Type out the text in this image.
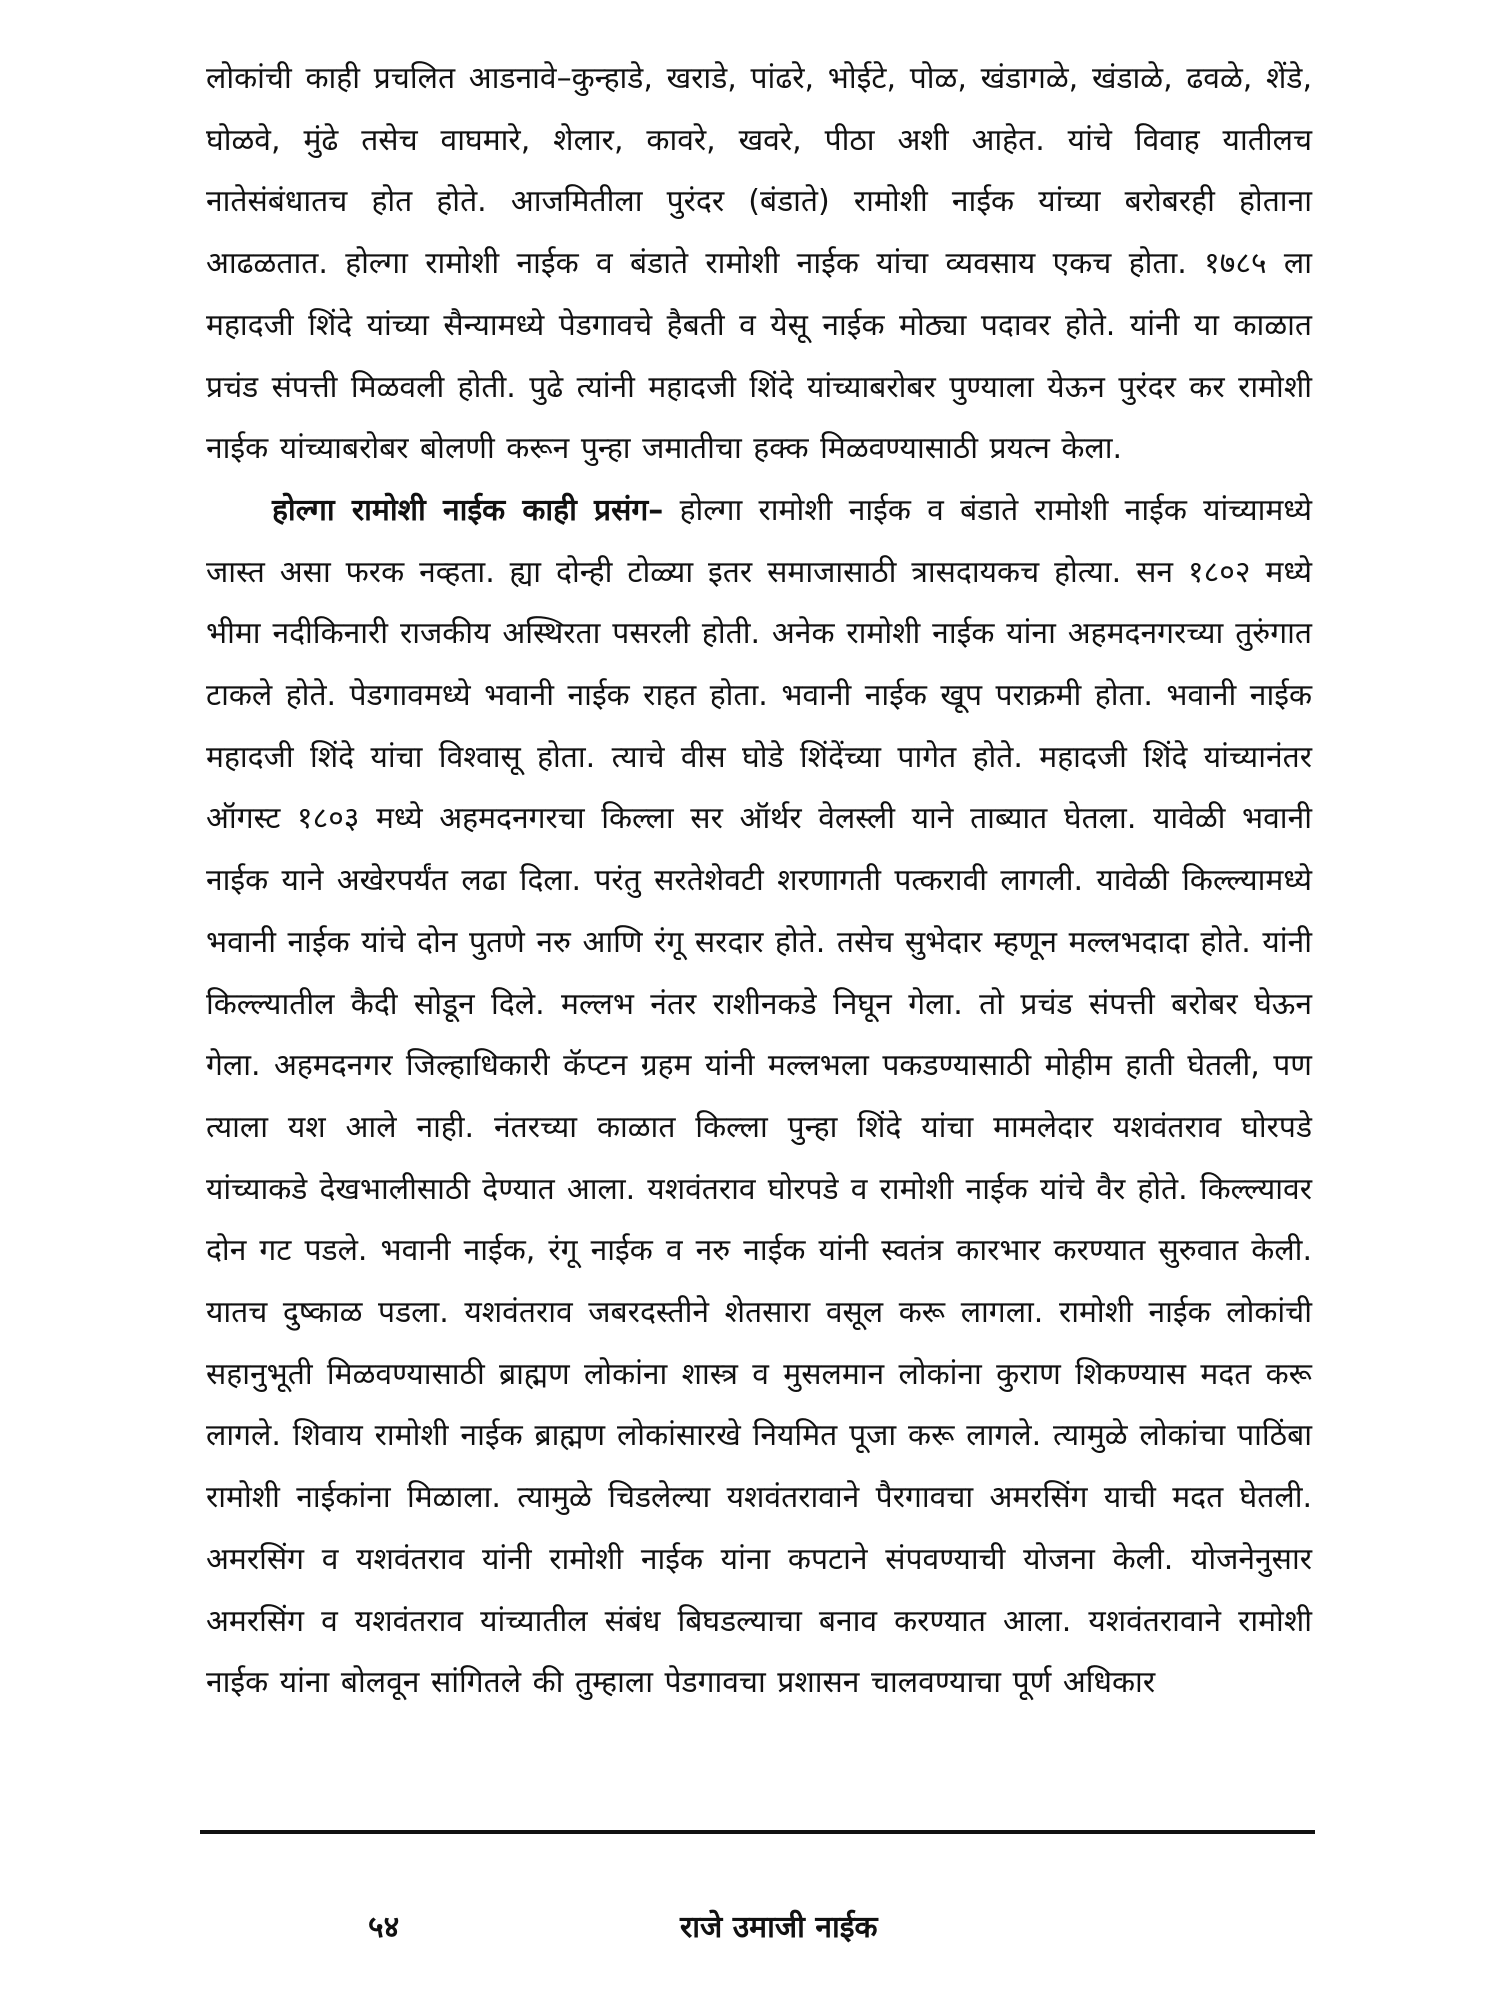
लोकांची काही प्रचलित आडनावे–कुन्हाडे, खराडे, पांढरे, भोईटे, पोळ, खंडागळे, खंडाळे, ढवळे, शेंडे, घोळवे, मुंढे तसेच वाघमारे, शेलार, कावरे, खवरे, पीठा अशी आहेत. यांचे विवाह यातीलच नातेसंबंधातच होत होते. आजमितीला पुरंदर (बंडाते) रामोशी नाईक यांच्या बरोबरही होताना आढळतात. होल्गा रामोशी नाईक व बंडाते रामोशी नाईक यांचा व्यवसाय एकच होता. १७८५ ला महादजी शिंदे यांच्या सैन्यामध्ये पेडगावचे हैबती व येसू नाईक मोठ्या पदावर होते. यांनी या काळात प्रचंड संपत्ती मिळवली होती. पुढे त्यांनी महादजी शिंदे यांच्याबरोबर पुण्याला येऊन पुरंदर कर रामोशी नाईक यांच्याबरोबर बोलणी करून पुन्हा जमातीचा हक्क मिळवण्यासाठी प्रयत्न केला.

होल्गा रामोशी नाईक काही प्रसंग– होल्गा रामोशी नाईक व बंडाते रामोशी नाईक यांच्यामध्ये जास्त असा फरक नव्हता. ह्या दोन्ही टोळ्या इतर समाजासाठी त्रासदायकच होत्या. सन १८०२ मध्ये भीमा नदीकिनारी राजकीय अस्थिरता पसरली होती. अनेक रामोशी नाईक यांना अहमदनगरच्या तुरुंगात टाकले होते. पेडगावमध्ये भवानी नाईक राहत होता. भवानी नाईक खूप पराक्रमी होता. भवानी नाईक महादजी शिंदे यांचा विश्वासू होता. त्याचे वीस घोडे शिंदेंच्या पागेत होते. महादजी शिंदे यांच्यानंतर ऑगस्ट १८०३ मध्ये अहमदनगरचा किल्ला सर ऑर्थर वेलस्ली याने ताब्यात घेतला. यावेळी भवानी नाईक याने अखेरपर्यंत लढा दिला. परंतु सरतेशेवटी शरणागती पत्करावी लागली. यावेळी किल्ल्यामध्ये भवानी नाईक यांचे दोन पुतणे नरु आणि रंगू सरदार होते. तसेच सुभेदार म्हणून मल्लभदादा होते. यांनी किल्ल्यातील कैदी सोडून दिले. मल्लभ नंतर राशीनकडे निघून गेला. तो प्रचंड संपत्ती बरोबर घेऊन गेला. अहमदनगर जिल्हाधिकारी कॅप्टन ग्रहम यांनी मल्लभला पकडण्यासाठी मोहीम हाती घेतली, पण त्याला यश आले नाही. नंतरच्या काळात किल्ला पुन्हा शिंदे यांचा मामलेदार यशवंतराव घोरपडे यांच्याकडे देखभालीसाठी देण्यात आला. यशवंतराव घोरपडे व रामोशी नाईक यांचे वैर होते. किल्ल्यावर दोन गट पडले. भवानी नाईक, रंगू नाईक व नरु नाईक यांनी स्वतंत्र कारभार करण्यात सुरुवात केली. यातच दुष्काळ पडला. यशवंतराव जबरदस्तीने शेतसारा वसूल करू लागला. रामोशी नाईक लोकांची सहानुभूती मिळवण्यासाठी ब्राह्मण लोकांना शास्त्र व मुसलमान लोकांना कुराण शिकण्यास मदत करू लागले. शिवाय रामोशी नाईक ब्राह्मण लोकांसारखे नियमित पूजा करू लागले. त्यामुळे लोकांचा पाठिंबा रामोशी नाईकांना मिळाला. त्यामुळे चिडलेल्या यशवंतरावाने पैरगावचा अमरसिंग याची मदत घेतली. अमरसिंग व यशवंतराव यांनी रामोशी नाईक यांना कपटाने संपवण्याची योजना केली. योजनेनुसार अमरसिंग व यशवंतराव यांच्यातील संबंध बिघडल्याचा बनाव करण्यात आला. यशवंतरावाने रामोशी नाईक यांना बोलवून सांगितले की तुम्हाला पेडगावचा प्रशासन चालवण्याचा पूर्ण अधिकार

५४	राजे उमाजी नाईक
